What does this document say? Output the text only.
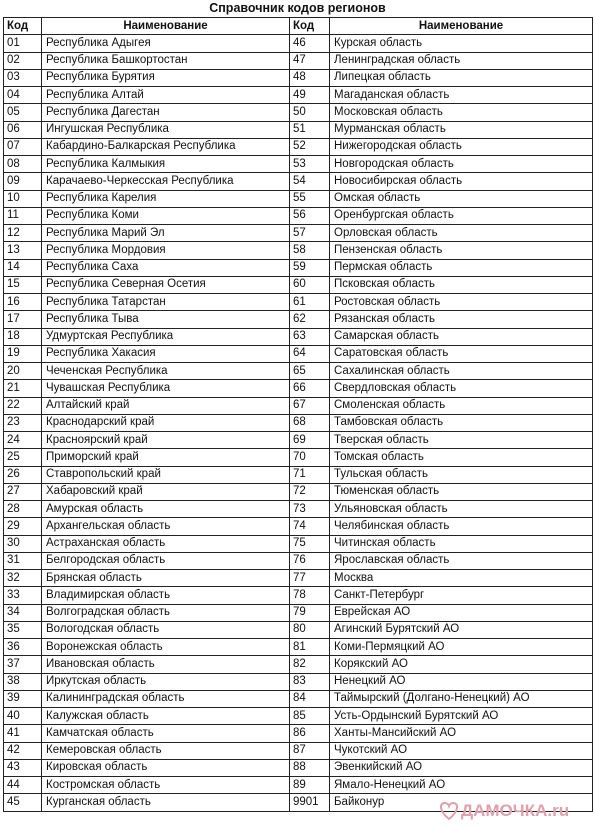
Справочник кодов регионов
Код	Наименование	Код	Наименование
01	Республика Адыгея	46	Курская область
02	Республика Башкортостан	47	Ленинградская область
03	Республика Бурятия	48	Липецкая область
04	Республика Алтай	49	Магаданская область
05	Республика Дагестан	50	Московская область
06	Ингушская Республика	51	Мурманская область
07	Кабардино-Балкарская Республика	52	Нижегородская область
08	Республика Калмыкия	53	Новгородская область
09	Карачаево-Черкесская Республика	54	Новосибирская область
10	Республика Карелия	55	Омская область
11	Республика Коми	56	Оренбургская область
12	Республика Марий Эл	57	Орловская область
13	Республика Мордовия	58	Пензенская область
14	Республика Саха	59	Пермская область
15	Республика Северная Осетия	60	Псковская область
16	Республика Татарстан	61	Ростовская область
17	Республика Тыва	62	Рязанская область
18	Удмуртская Республика	63	Самарская область
19	Республика Хакасия	64	Саратовская область
20	Чеченская Республика	65	Сахалинская область
21	Чувашская Республика	66	Свердловская область
22	Алтайский край	67	Смоленская область
23	Краснодарский край	68	Тамбовская область
24	Красноярский край	69	Тверская область
25	Приморский край	70	Томская область
26	Ставропольский край	71	Тульская область
27	Хабаровский край	72	Тюменская область
28	Амурская область	73	Ульяновская область
29	Архангельская область	74	Челябинская область
30	Астраханская область	75	Читинская область
31	Белгородская область	76	Ярославская область
32	Брянская область	77	Москва
33	Владимирская область	78	Санкт-Петербург
34	Волгоградская область	79	Еврейская АО
35	Вологодская область	80	Агинский Бурятский АО
36	Воронежская область	81	Коми-Пермяцкий АО
37	Ивановская область	82	Корякский АО
38	Иркутская область	83	Ненецкий АО
39	Калининградская область	84	Таймырский (Долгано-Ненецкий) АО
40	Калужская область	85	Усть-Ордынский Бурятский АО
41	Камчатская область	86	Ханты-Мансийский АО
42	Кемеровская область	87	Чукотский АО
43	Кировская область	88	Эвенкийский АО
44	Костромская область	89	Ямало-Ненецкий АО
45	Курганская область	9901	Байконур	ДАМОЧКА.ru
